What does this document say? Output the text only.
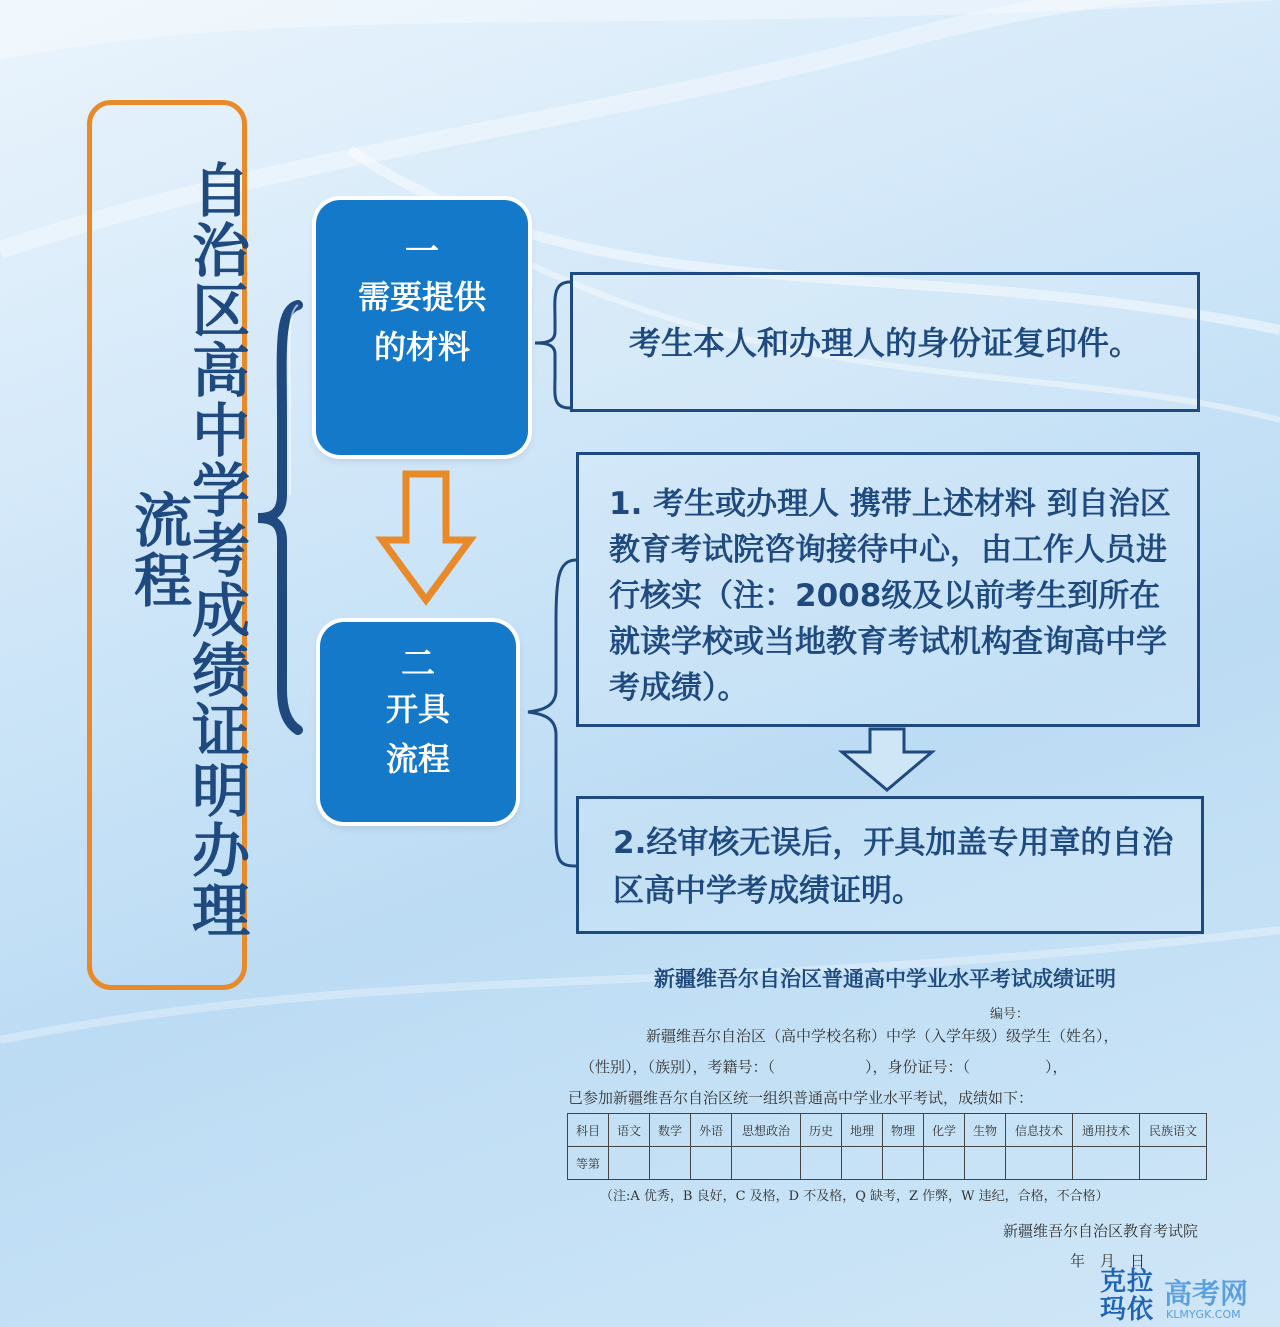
自治区高中学考成绩证明办理流程
一
需要提供
的材料
二
开具
流程
考生本人和办理人的身份证复印件。
1. 考生或办理人 携带上述材料 到自治区教育考试院咨询接待中心，由工作人员进行核实（注：2008级及以前考生到所在就读学校或当地教育考试机构查询高中学考成绩）。
2.经审核无误后，开具加盖专用章的自治区高中学考成绩证明。
新疆维吾尔自治区普通高中学业水平考试成绩证明
编号：
新疆维吾尔自治区（高中学校名称）中学（入学年级）级学生（姓名），
（性别），（族别），考籍号：（　　　　　　），身份证号：（　　　　　），
已参加新疆维吾尔自治区统一组织普通高中学业水平考试，成绩如下：
科目	语文	数学	外语	思想政治	历史	地理	物理	化学	生物	信息技术	通用技术	民族语文
等第												
（注:A 优秀，B 良好，C 及格，D 不及格，Q 缺考，Z 作弊，W 违纪，合格，不合格）
新疆维吾尔自治区教育考试院
年　月　日
克拉
玛依 高考网
KLMYGK.COM
